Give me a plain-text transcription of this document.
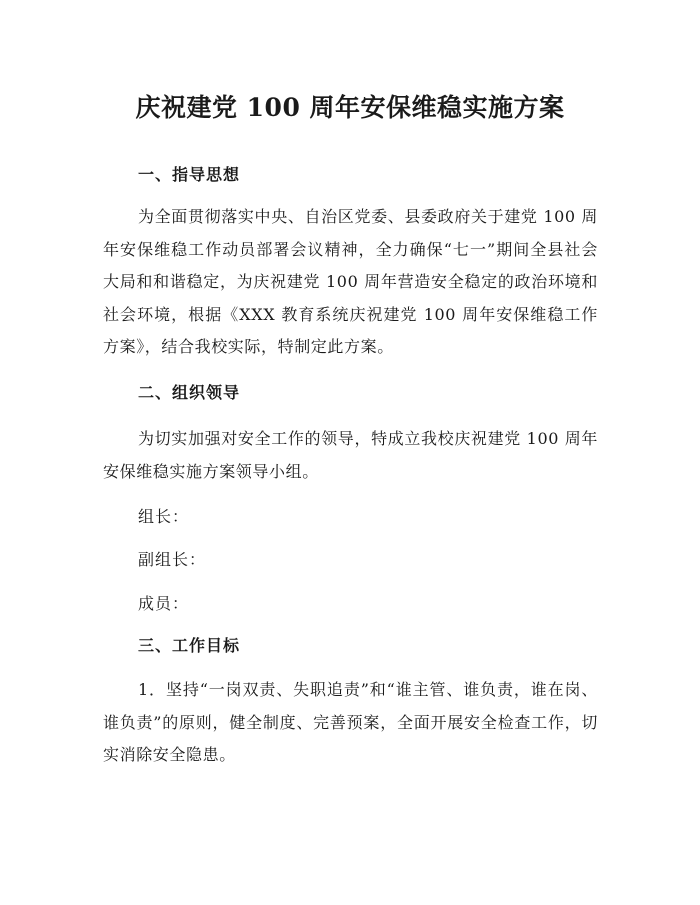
庆祝建党 100 周年安保维稳实施方案
一、指导思想

为全面贯彻落实中央、自治区党委、县委政府关于建党 100 周年安保维稳工作动员部署会议精神，全力确保“七一”期间全县社会大局和和谐稳定，为庆祝建党 100 周年营造安全稳定的政治环境和社会环境，根据《XXX 教育系统庆祝建党 100 周年安保维稳工作方案》，结合我校实际，特制定此方案。

二、组织领导

为切实加强对安全工作的领导，特成立我校庆祝建党 100 周年安保维稳实施方案领导小组。

组长：
副组长：
成员：
三、工作目标

1．坚持“一岗双责、失职追责”和“谁主管、谁负责，谁在岗、谁负责”的原则，健全制度、完善预案，全面开展安全检查工作，切实消除安全隐患。
